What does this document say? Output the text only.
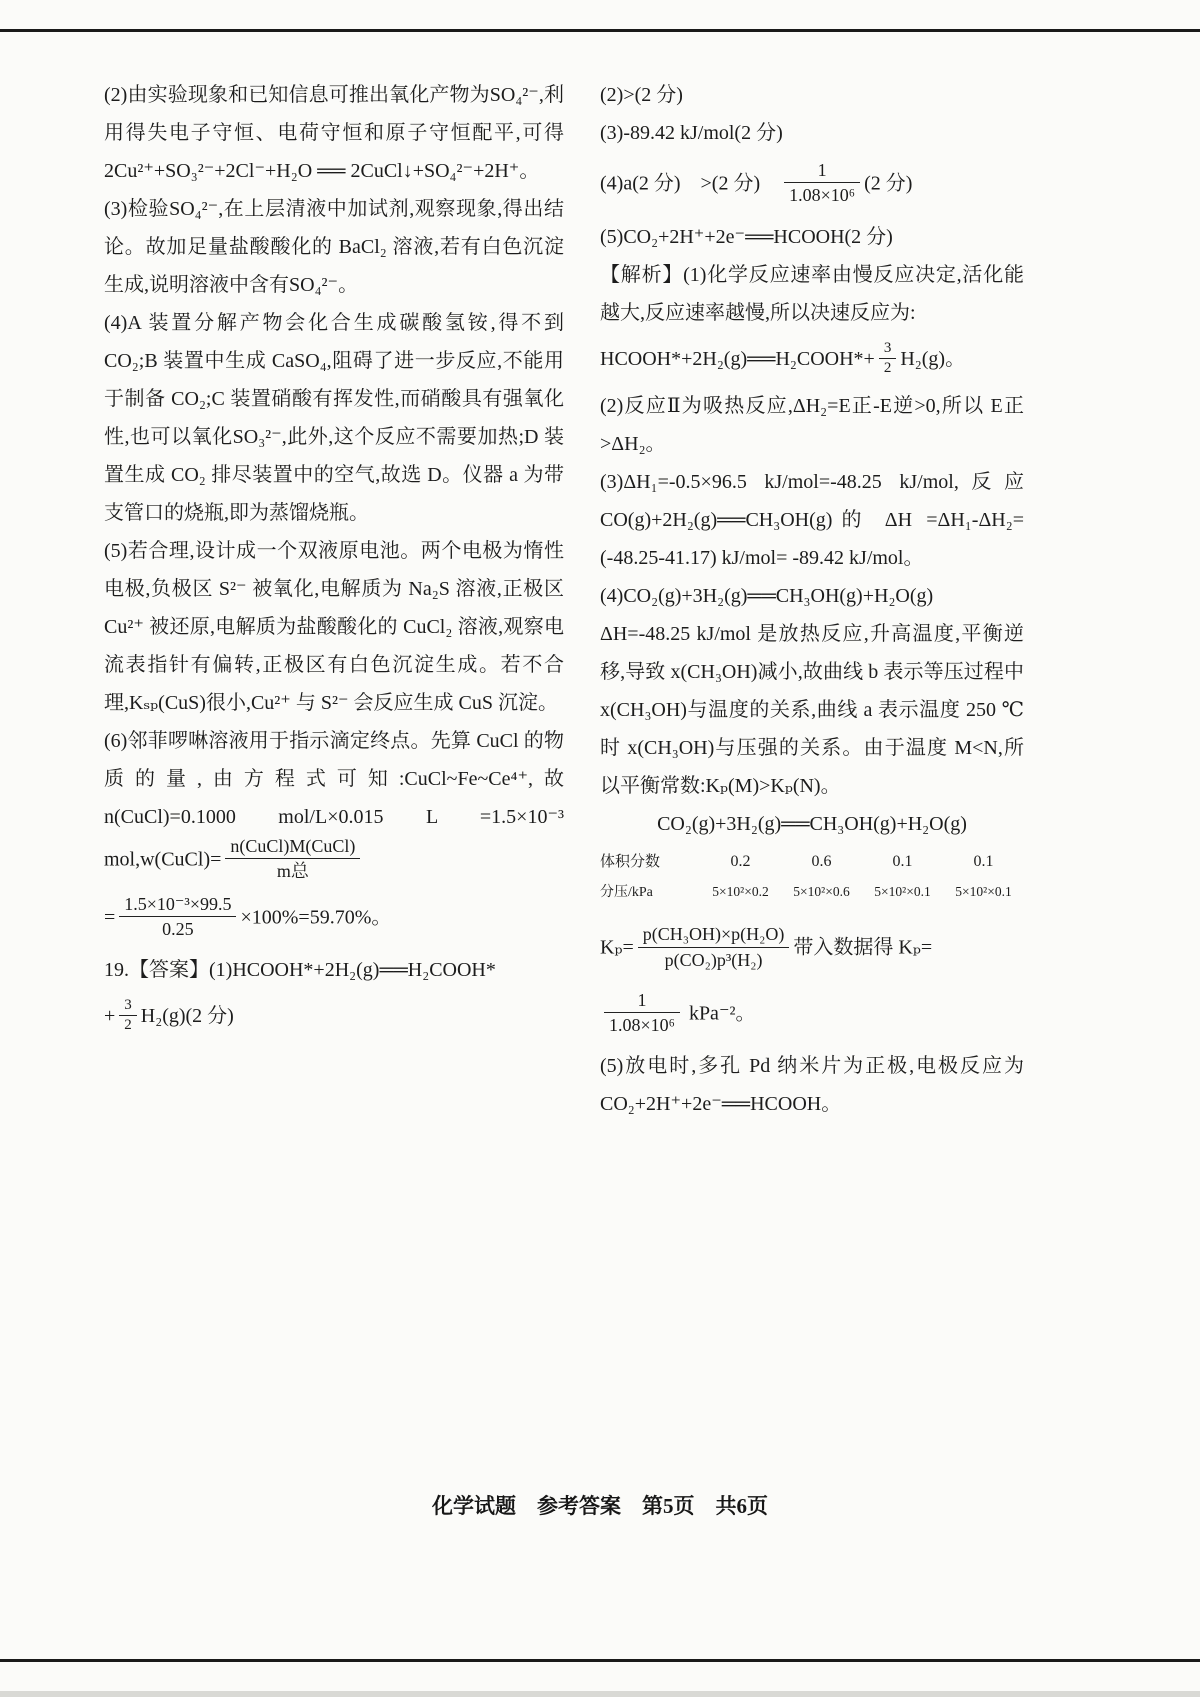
(2)由实验现象和已知信息可推出氧化产物为SO₄²⁻,利用得失电子守恒、电荷守恒和原子守恒配平,可得 2Cu²⁺+SO₃²⁻+2Cl⁻+H₂O ══ 2CuCl↓+SO₄²⁻+2H⁺。

(3)检验SO₄²⁻,在上层清液中加试剂,观察现象,得出结论。故加足量盐酸酸化的 BaCl₂ 溶液,若有白色沉淀生成,说明溶液中含有SO₄²⁻。

(4)A 装置分解产物会化合生成碳酸氢铵,得不到 CO₂;B 装置中生成 CaSO₄,阻碍了进一步反应,不能用于制备 CO₂;C 装置硝酸有挥发性,而硝酸具有强氧化性,也可以氧化SO₃²⁻,此外,这个反应不需要加热;D 装置生成 CO₂ 排尽装置中的空气,故选 D。仪器 a 为带支管口的烧瓶,即为蒸馏烧瓶。

(5)若合理,设计成一个双液原电池。两个电极为惰性电极,负极区 S²⁻ 被氧化,电解质为 Na₂S 溶液,正极区 Cu²⁺ 被还原,电解质为盐酸酸化的 CuCl₂ 溶液,观察电流表指针有偏转,正极区有白色沉淀生成。若不合理,Kₛₚ(CuS)很小,Cu²⁺ 与 S²⁻ 会反应生成 CuS 沉淀。

(6)邻菲啰啉溶液用于指示滴定终点。先算 CuCl 的物质的量,由方程式可知:CuCl~Fe~Ce⁴⁺,故 n(CuCl)=0.1000 mol/L×0.015 L =1.5×10⁻³ mol,w(CuCl)= $\frac{\text{n(CuCl)M(CuCl)}}{\text{m总}}$

= $\frac{\text{1.5×10⁻³×99.5}}{0.25} \times 100\%=59.70\%$。

19.【答案】(1)HCOOH*+2H₂(g)══H₂COOH*

+ $\frac{3}{2} H_2(g)(2$ 分)

(2)>(2 分)

(3)-89.42 kJ/mol(2 分)

(4)a(2 分)　>(2 分)　 $\frac{1}{\text{1.08×10⁶}} (2$ 分)

(5)CO₂+2H⁺+2e⁻══HCOOH(2 分)

【解析】(1)化学反应速率由慢反应决定,活化能越大,反应速率越慢,所以决速反应为:

HCOOH*+2H₂(g)══H₂COOH*+ $\frac{3}{2} H_2(g)$。

(2)反应Ⅱ为吸热反应,ΔH₂=E正-E逆>0,所以 E正>ΔH₂。

(3)ΔH₁=-0.5×96.5 kJ/mol=-48.25 kJ/mol,反应 CO(g)+2H₂(g)══CH₃OH(g)的 ΔH =ΔH₁-ΔH₂=(-48.25-41.17) kJ/mol= -89.42 kJ/mol。

(4)CO₂(g)+3H₂(g)══CH₃OH(g)+H₂O(g) ΔH=-48.25 kJ/mol 是放热反应,升高温度,平衡逆移,导致 x(CH₃OH)减小,故曲线 b 表示等压过程中 x(CH₃OH)与温度的关系,曲线 a 表示温度 250 ℃时 x(CH₃OH)与压强的关系。由于温度 M<N,所以平衡常数:Kₚ(M)>Kₚ(N)。

CO₂(g)+3H₂(g)══CH₃OH(g)+H₂O(g)

体积分数	0.2	0.6	0.1	0.1
分压/kPa	5×10²×0.2	5×10²×0.6	5×10²×0.1	5×10²×0.1

$K_p= \frac{\text{p(CH₃OH)×p(H₂O)}}{\text{p(CO₂)p³(H₂)}}$ 带入数据得 Kₚ=

$\frac{1}{\text{1.08×10⁶}} kPa^{-2}$。

(5)放电时,多孔 Pd 纳米片为正极,电极反应为 CO₂+2H⁺+2e⁻══HCOOH。

化学试题　参考答案　第5页　共6页
